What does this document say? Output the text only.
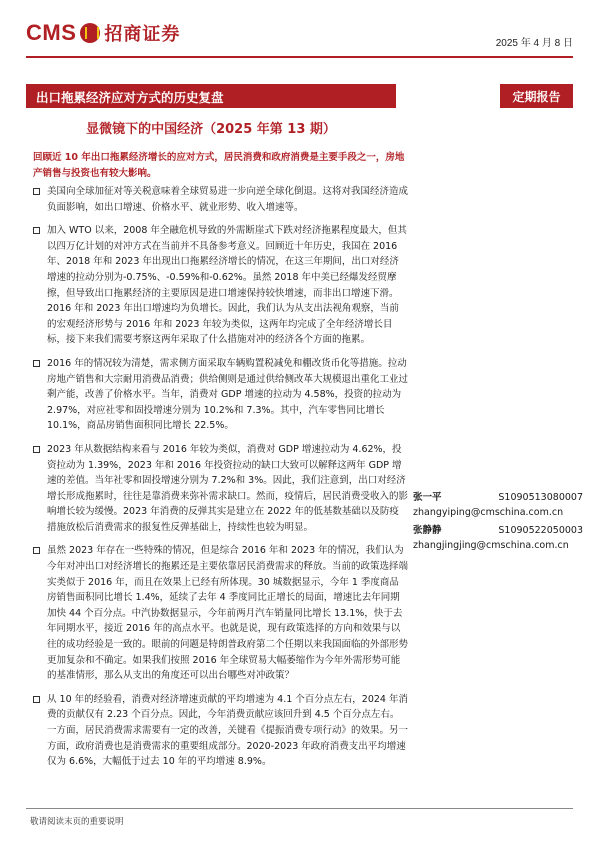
CMS 招商证券	2025 年 4 月 8 日
出口拖累经济应对方式的历史复盘	定期报告
显微镜下的中国经济（2025 年第 13 期）
回顾近 10 年出口拖累经济增长的应对方式，居民消费和政府消费是主要手段之一，房地产销售与投资也有较大影响。
美国向全球加征对等关税意味着全球贸易进一步向逆全球化倒退。这将对我国经济造成负面影响，如出口增速、价格水平、就业形势、收入增速等。
加入 WTO 以来，2008 年全融危机导致的外需断崖式下跌对经济拖累程度最大，但其以四万亿计划的对冲方式在当前并不具备参考意义。回顾近十年历史，我国在 2016 年、2018 年和 2023 年出现出口拖累经济增长的情况，在这三年期间，出口对经济增速的拉动分别为-0.75%、-0.59%和-0.62%。虽然 2018 年中美已经爆发经贸摩擦，但导致出口拖累经济的主要原因是进口增速保持较快增速，而非出口增速下滑。2016 年和 2023 年出口增速均为负增长。因此，我们认为从支出法视角观察，当前的宏观经济形势与 2016 年和 2023 年较为类似，这两年均完成了全年经济增长目标，接下来我们需要考察这两年采取了什么措施对冲的经济各个方面的拖累。
2016 年的情况较为清楚，需求侧方面采取车辆购置税减免和棚改货币化等措施。拉动房地产销售和大宗耐用消费品消费；供给侧则是通过供给侧改革大规模退出重化工业过剩产能，改善了价格水平。当年，消费对 GDP 增速的拉动为 4.58%，投资的拉动为 2.97%，对应社零和固投增速分别为 10.2%和 7.3%。其中，汽车零售同比增长 10.1%，商品房销售面积同比增长 22.5%。
2023 年从数据结构来看与 2016 年较为类似，消费对 GDP 增速拉动为 4.62%，投资拉动为 1.39%，2023 年和 2016 年投资拉动的缺口大致可以解释这两年 GDP 增速的差值。当年社零和固投增速分别为 7.2%和 3%。因此，我们注意到，出口对经济增长形成拖累时，往往是靠消费来弥补需求缺口。然而，疫情后，居民消费受收入的影响增长较为缓慢。2023 年消费的反弹其实是建立在 2022 年的低基数基础以及防疫措施放松后消费需求的报复性反弹基础上，持续性也较为明显。
虽然 2023 年存在一些特殊的情况，但是综合 2016 年和 2023 年的情况，我们认为今年对冲出口对经济增长的拖累还是主要依靠居民消费需求的释放。当前的政策选择端实类似于 2016 年，而且在效果上已经有所体现。30 城数据显示，今年 1 季度商品房销售面积同比增长 1.4%，延续了去年 4 季度同比正增长的局面，增速比去年同期加快 44 个百分点。中汽协数据显示，今年前两月汽车销量同比增长 13.1%，快于去年同期水平，接近 2016 年的高点水平。也就是说，现有政策选择的方向和效果与以往的成功经验是一致的。眼前的问题是特朗普政府第二个任期以来我国面临的外部形势更加复杂和不确定。如果我们按照 2016 年全球贸易大幅萎缩作为今年外需形势可能的基准情形，那么从支出的角度还可以出台哪些对冲政策？
从 10 年的经验看，消费对经济增速贡献的平均增速为 4.1 个百分点左右，2024 年消费的贡献仅有 2.23 个百分点。因此，今年消费贡献应该回升到 4.5 个百分点左右。一方面，居民消费需求需要有一定的改善，关键看《提振消费专项行动》的效果。另一方面，政府消费也是消费需求的重要组成部分。2020-2023 年政府消费支出平均增速仅为 6.6%，大幅低于过去 10 年的平均增速 8.9%。
张一平	S1090513080007
zhangyiping@cmschina.com.cn
张静静	S1090522050003
zhangjingjing@cmschina.com.cn
敬请阅读末页的重要说明
